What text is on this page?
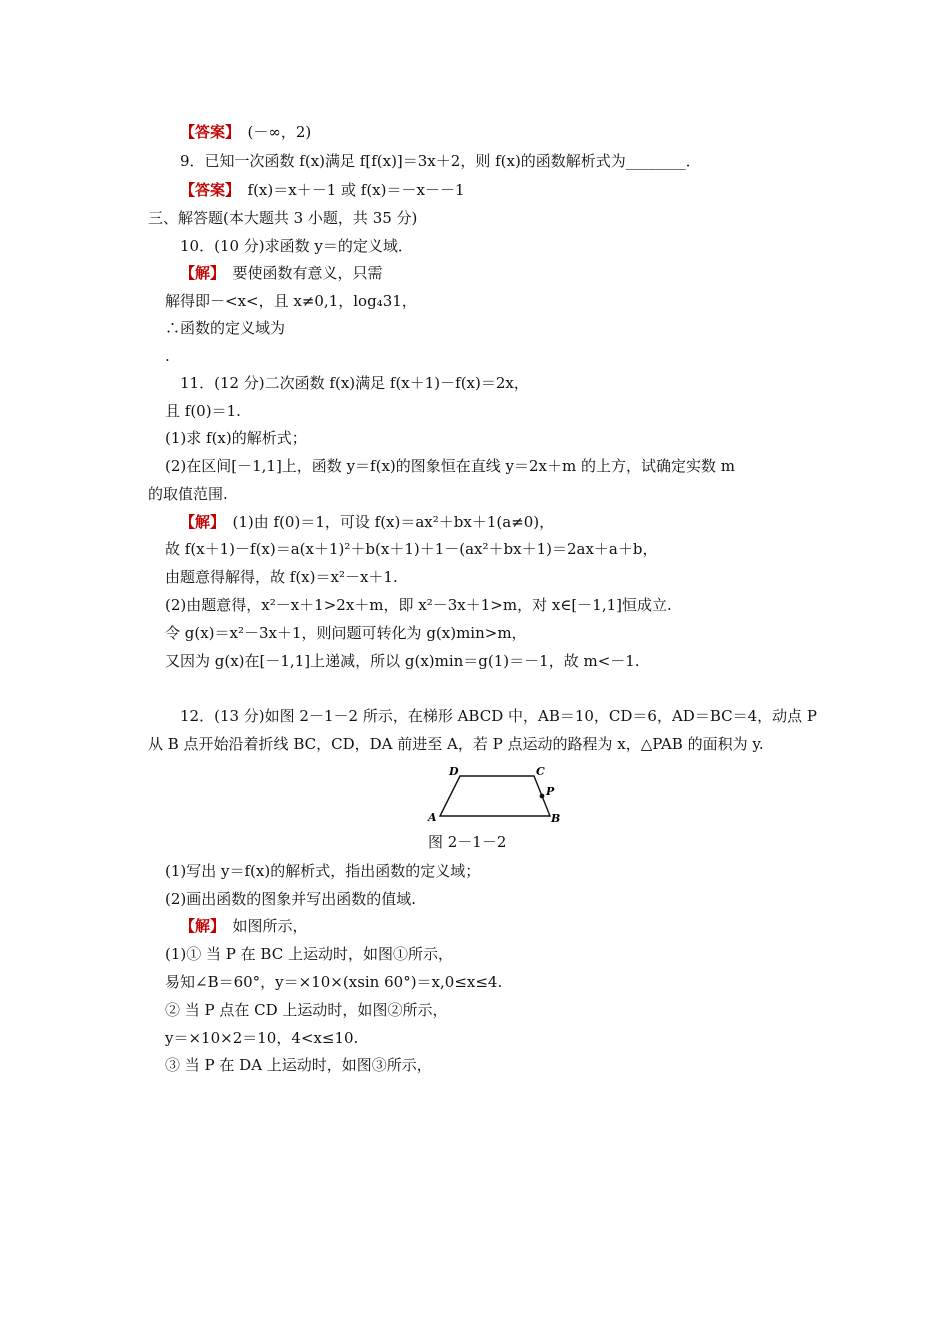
【答案】　(－∞，2)
9．已知一次函数 f(x)满足 f[f(x)]＝3x＋2，则 f(x)的函数解析式为________．
【答案】　f(x)＝x＋－1 或 f(x)＝－x－－1
三、解答题(本大题共 3 小题，共 35 分)
10．(10 分)求函数 y＝的定义域．
【解】　要使函数有意义，只需
解得即－<x<，且 x≠0,1，log₄31，
∴函数的定义域为
.
11．(12 分)二次函数 f(x)满足 f(x＋1)－f(x)＝2x，
且 f(0)＝1.
(1)求 f(x)的解析式；
(2)在区间[－1,1]上，函数 y＝f(x)的图象恒在直线 y＝2x＋m 的上方，试确定实数 m
的取值范围.
【解】　(1)由 f(0)＝1，可设 f(x)＝ax²＋bx＋1(a≠0)，
故 f(x＋1)－f(x)＝a(x＋1)²＋b(x＋1)＋1－(ax²＋bx＋1)＝2ax＋a＋b，
由题意得解得，故 f(x)＝x²－x＋1.
(2)由题意得，x²－x＋1>2x＋m，即 x²－3x＋1>m，对 x∈[－1,1]恒成立.
令 g(x)＝x²－3x＋1，则问题可转化为 g(x)min>m，
又因为 g(x)在[－1,1]上递减，所以 g(x)min＝g(1)＝－1，故 m<－1.
12．(13 分)如图 2－1－2 所示，在梯形 ABCD 中，AB＝10，CD＝6，AD＝BC＝4，动点 P
从 B 点开始沿着折线 BC，CD，DA 前进至 A，若 P 点运动的路程为 x，△PAB 的面积为 y.
D	C
P
A	B
图 2－1－2
(1)写出 y＝f(x)的解析式，指出函数的定义域；
(2)画出函数的图象并写出函数的值域.
【解】　如图所示，
(1)① 当 P 在 BC 上运动时，如图①所示，
易知∠B＝60°，y＝×10×(xsin 60°)＝x,0≤x≤4.
② 当 P 点在 CD 上运动时，如图②所示，
y＝×10×2＝10，4<x≤10.
③ 当 P 在 DA 上运动时，如图③所示，
